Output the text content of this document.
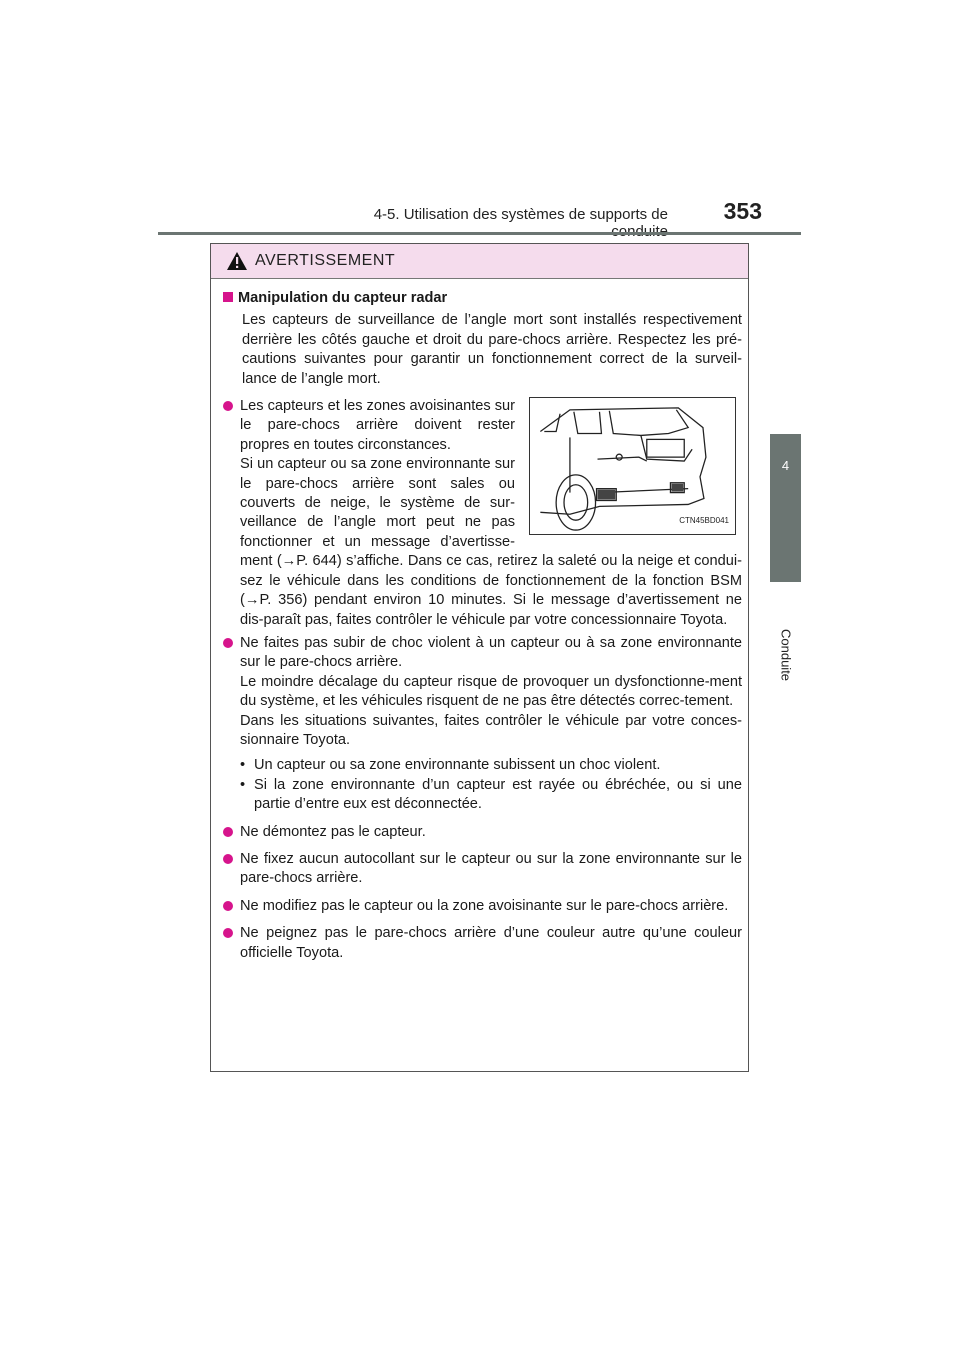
4-5. Utilisation des systèmes de supports de	353
4
Conduite
AVERTISSEMENT
Manipulation du capteur radar

Les capteurs de surveillance de l’angle mort sont installés respectivement derrière les côtés gauche et droit du pare-chocs arrière. Respectez les pré-cautions suivantes pour garantir un fonctionnement correct de la surveil-lance de l’angle mort.

CTN45BD041

Les capteurs et les zones avoisinantes sur le pare-chocs arrière doivent rester propres en toutes circonstances.

Si un capteur ou sa zone environnante sur le pare-chocs arrière sont sales ou couverts de neige, le système de sur-veillance de l’angle mort peut ne pas fonctionner et un message d’avertisse-ment (→P. 644) s’affiche. Dans ce cas, retirez la saleté ou la neige et condui-sez le véhicule dans les conditions de fonctionnement de la fonction BSM (→P. 356) pendant environ 10 minutes. Si le message d’avertissement ne dis-paraît pas, faites contrôler le véhicule par votre concessionnaire Toyota.

Ne faites pas subir de choc violent à un capteur ou à sa zone environnante sur le pare-chocs arrière.

Le moindre décalage du capteur risque de provoquer un dysfonctionne-ment du système, et les véhicules risquent de ne pas être détectés correc-tement.

Dans les situations suivantes, faites contrôler le véhicule par votre conces-sionnaire Toyota.

• Un capteur ou sa zone environnante subissent un choc violent.
• Si la zone environnante d’un capteur est rayée ou ébréchée, ou si une partie d’entre eux est déconnectée.

Ne démontez pas le capteur.

Ne fixez aucun autocollant sur le capteur ou sur la zone environnante sur le pare-chocs arrière.

Ne modifiez pas le capteur ou la zone avoisinante sur le pare-chocs arrière.

Ne peignez pas le pare-chocs arrière d’une couleur autre qu’une couleur officielle Toyota.
